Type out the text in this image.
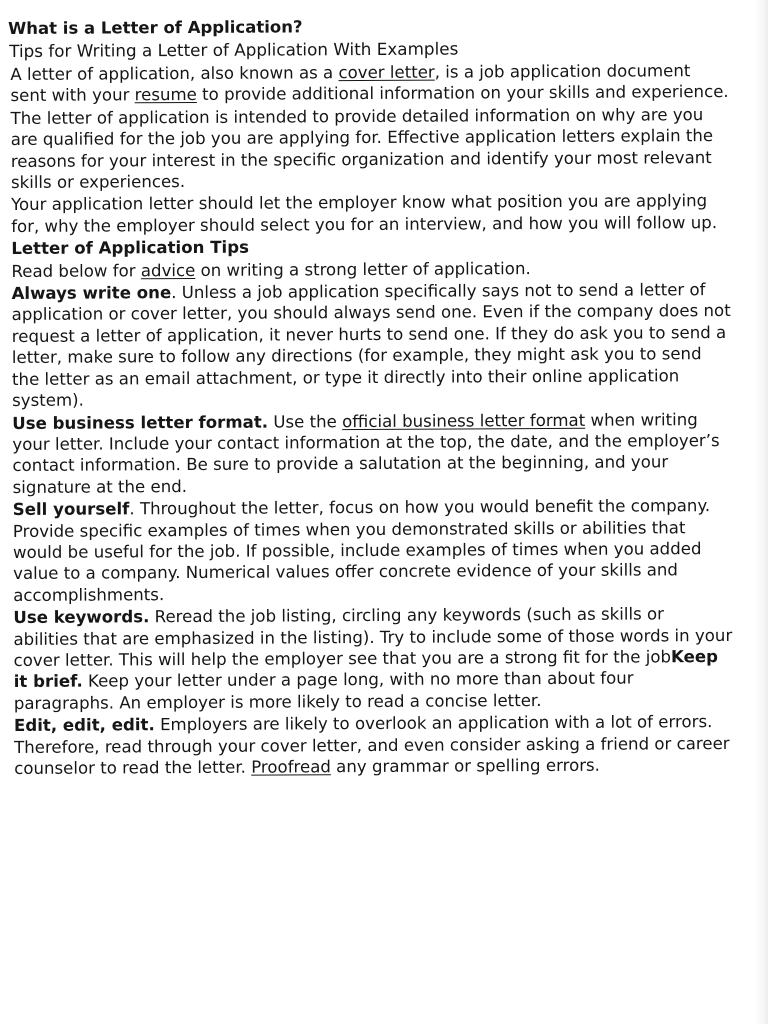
What is a Letter of Application?
Tips for Writing a Letter of Application With Examples
A letter of application, also known as a cover letter, is a job application document sent with your resume to provide additional information on your skills and experience.
The letter of application is intended to provide detailed information on why are you are qualified for the job you are applying for. Effective application letters explain the reasons for your interest in the specific organization and identify your most relevant skills or experiences.
Your application letter should let the employer know what position you are applying for, why the employer should select you for an interview, and how you will follow up.
Letter of Application Tips
Read below for advice on writing a strong letter of application.
Always write one. Unless a job application specifically says not to send a letter of application or cover letter, you should always send one. Even if the company does not request a letter of application, it never hurts to send one. If they do ask you to send a letter, make sure to follow any directions (for example, they might ask you to send the letter as an email attachment, or type it directly into their online application system).
Use business letter format. Use the official business letter format when writing your letter. Include your contact information at the top, the date, and the employer’s contact information. Be sure to provide a salutation at the beginning, and your signature at the end.
Sell yourself. Throughout the letter, focus on how you would benefit the company. Provide specific examples of times when you demonstrated skills or abilities that would be useful for the job. If possible, include examples of times when you added value to a company. Numerical values offer concrete evidence of your skills and accomplishments.
Use keywords. Reread the job listing, circling any keywords (such as skills or abilities that are emphasized in the listing). Try to include some of those words in your cover letter. This will help the employer see that you are a strong fit for the jobKeep it brief. Keep your letter under a page long, with no more than about four paragraphs. An employer is more likely to read a concise letter.
Edit, edit, edit. Employers are likely to overlook an application with a lot of errors. Therefore, read through your cover letter, and even consider asking a friend or career counselor to read the letter. Proofread any grammar or spelling errors.
